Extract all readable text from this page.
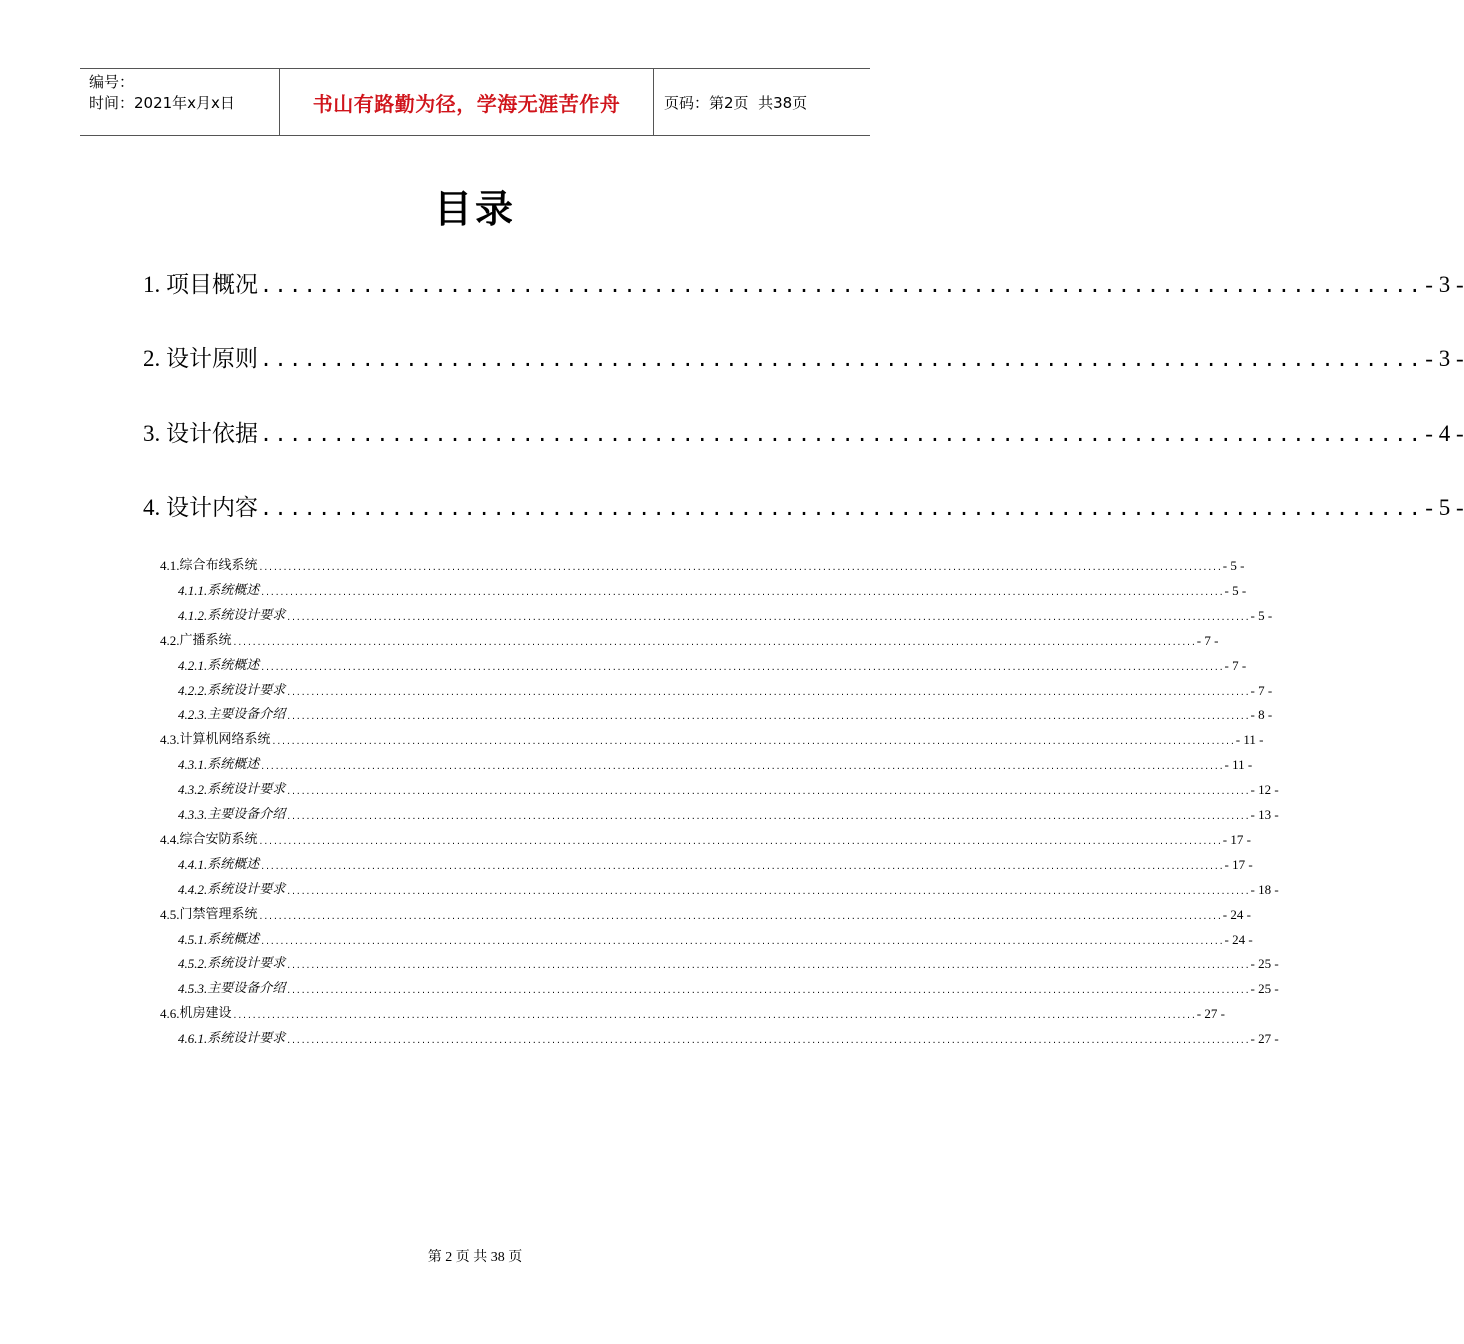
编号：
时间：2021年x月x日	书山有路勤为径，学海无涯苦作舟	页码：第2页  共38页
目录
1. 项目概况 ................................................................................ - 3 -
2. 设计原则 ................................................................................ - 3 -
3. 设计依据 ................................................................................ - 4 -
4. 设计内容 ................................................................................ - 5 -
4.1. 综合布线系统 ........................................................................................................................................................................................................ - 5 -
4.1.1. 系统概述 ........................................................................................................................................................................................................ - 5 -
4.1.2. 系统设计要求 ........................................................................................................................................................................................................ - 5 -
4.2. 广播系统 ........................................................................................................................................................................................................ - 7 -
4.2.1. 系统概述 ........................................................................................................................................................................................................ - 7 -
4.2.2. 系统设计要求 ........................................................................................................................................................................................................ - 7 -
4.2.3. 主要设备介绍 ........................................................................................................................................................................................................ - 8 -
4.3. 计算机网络系统 ........................................................................................................................................................................................................ - 11 -
4.3.1. 系统概述 ........................................................................................................................................................................................................ - 11 -
4.3.2. 系统设计要求 ........................................................................................................................................................................................................ - 12 -
4.3.3. 主要设备介绍 ........................................................................................................................................................................................................ - 13 -
4.4. 综合安防系统 ........................................................................................................................................................................................................ - 17 -
4.4.1. 系统概述 ........................................................................................................................................................................................................ - 17 -
4.4.2. 系统设计要求 ........................................................................................................................................................................................................ - 18 -
4.5. 门禁管理系统 ........................................................................................................................................................................................................ - 24 -
4.5.1. 系统概述 ........................................................................................................................................................................................................ - 24 -
4.5.2. 系统设计要求 ........................................................................................................................................................................................................ - 25 -
4.5.3. 主要设备介绍 ........................................................................................................................................................................................................ - 25 -
4.6. 机房建设 ........................................................................................................................................................................................................ - 27 -
4.6.1. 系统设计要求 ........................................................................................................................................................................................................ - 27 -
第 2 页 共 38 页
